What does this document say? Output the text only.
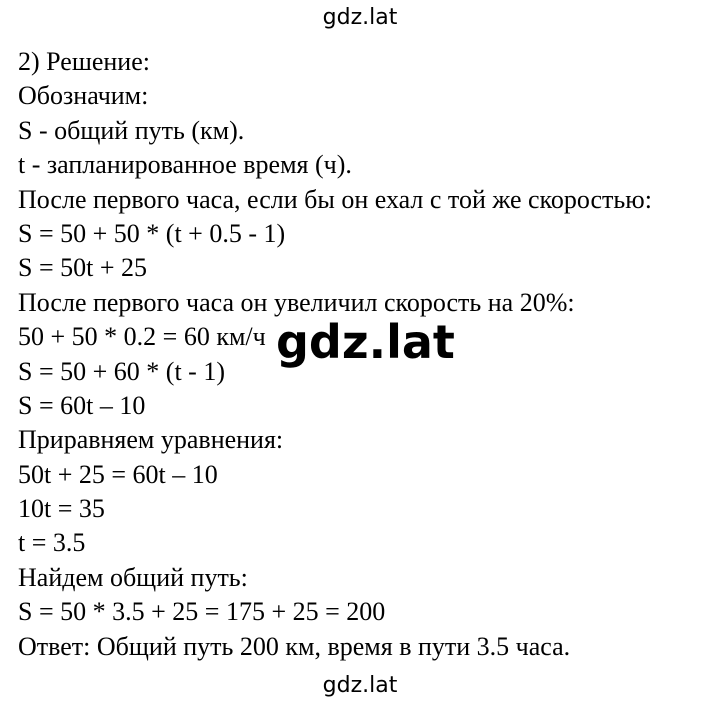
gdz.lat
2) Решение:
Обозначим:
S - общий путь (км).
t - запланированное время (ч).
После первого часа, если бы он ехал с той же скоростью:
S = 50 + 50 * (t + 0.5 - 1)
S = 50t + 25
После первого часа он увеличил скорость на 20%:
50 + 50 * 0.2 = 60 км/ч
S = 50 + 60 * (t - 1)
S = 60t – 10
Приравняем уравнения:
50t + 25 = 60t – 10
10t = 35
t = 3.5
Найдем общий путь:
S = 50 * 3.5 + 25 = 175 + 25 = 200
Ответ: Общий путь 200 км, время в пути 3.5 часа.
gdz.lat
gdz.lat
